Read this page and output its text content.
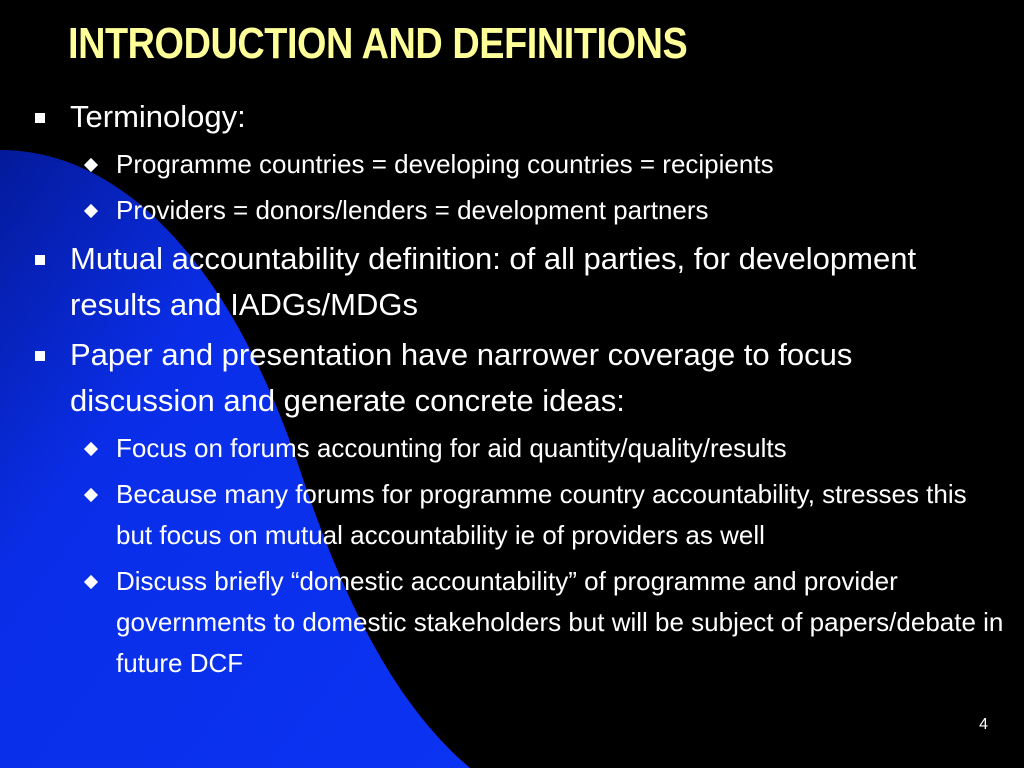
INTRODUCTION AND DEFINITIONS
Terminology:
Programme countries = developing countries = recipients
Providers = donors/lenders = development partners
Mutual accountability definition: of all parties, for development results and IADGs/MDGs
Paper and presentation have narrower coverage to focus discussion and generate concrete ideas:
Focus on forums accounting for aid quantity/quality/results
Because many forums for programme country accountability, stresses this but focus on mutual accountability ie of providers as well
Discuss briefly “domestic accountability” of programme and provider governments to domestic stakeholders but will be subject of papers/debate in future DCF
4
